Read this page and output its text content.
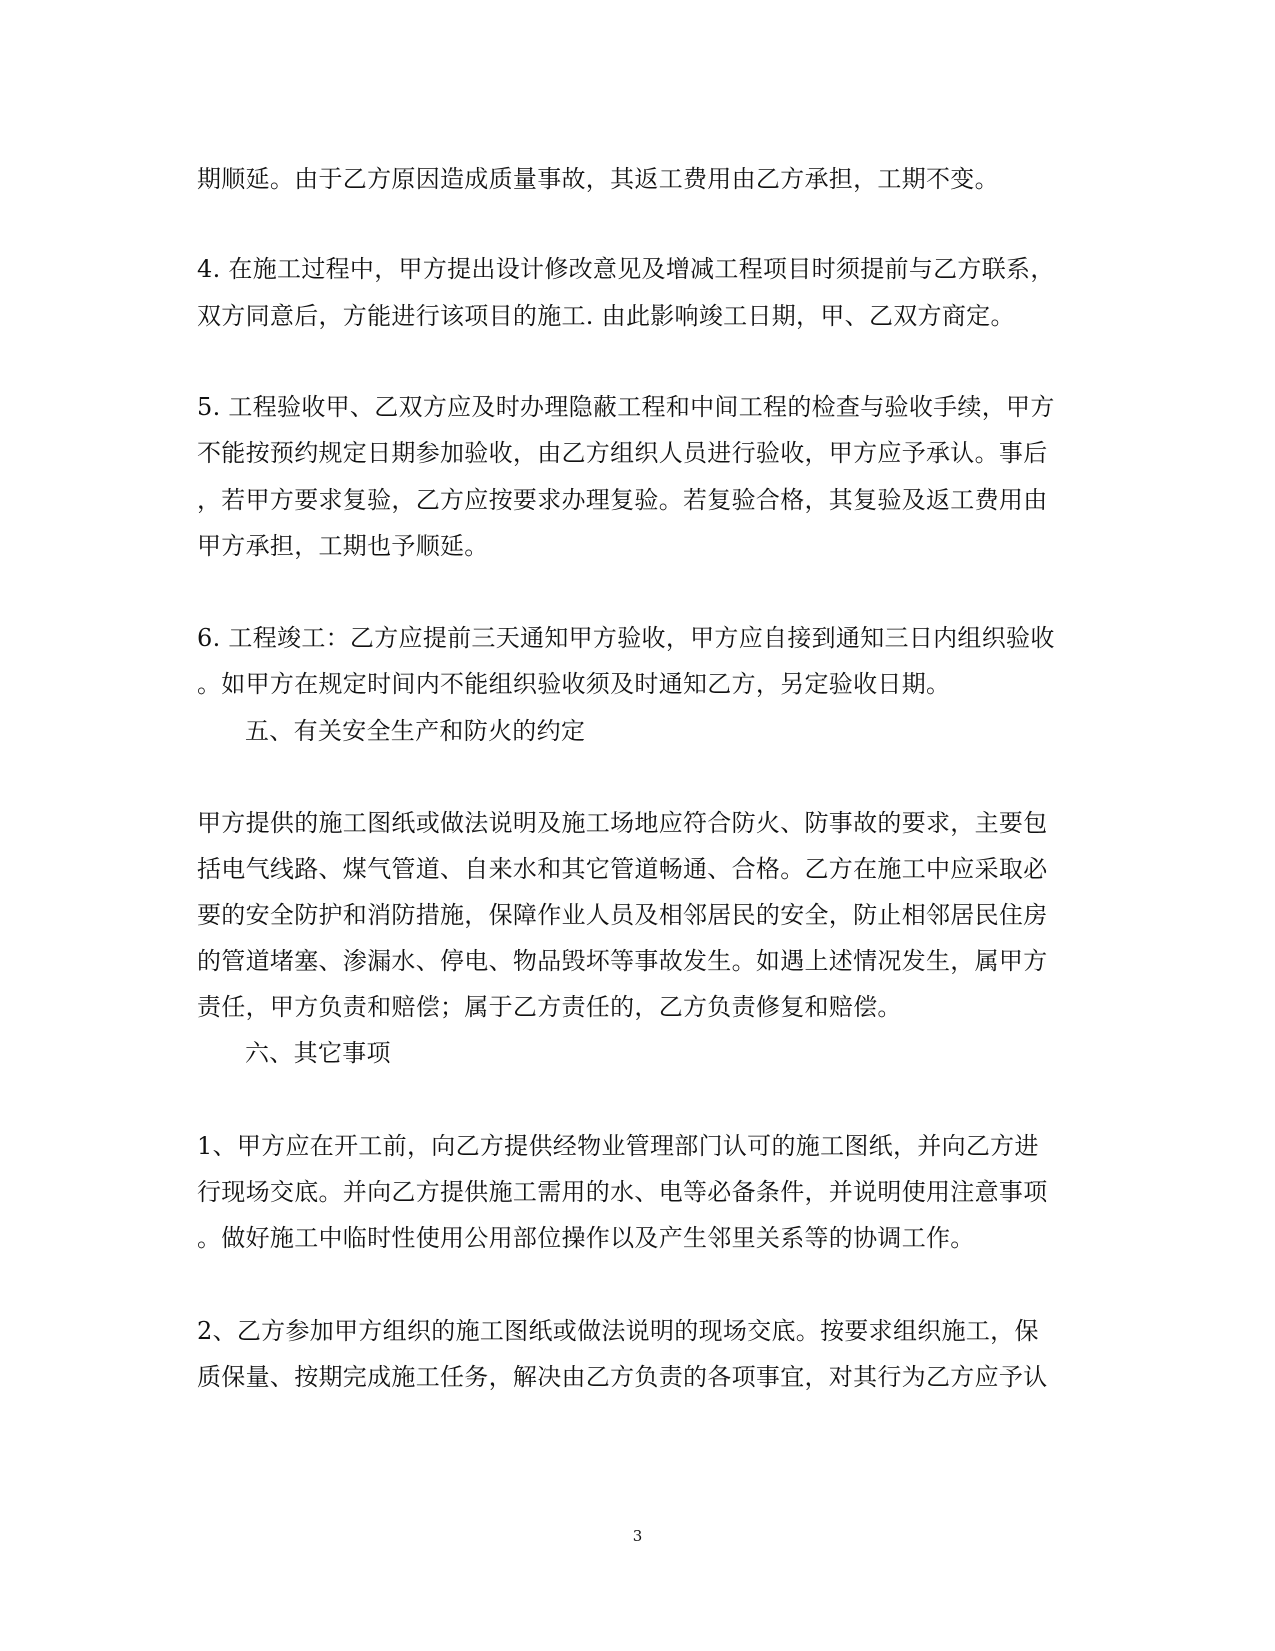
期顺延。由于乙方原因造成质量事故，其返工费用由乙方承担，工期不变。
4. 在施工过程中，甲方提出设计修改意见及增减工程项目时须提前与乙方联系，
双方同意后，方能进行该项目的施工. 由此影响竣工日期，甲、乙双方商定。
5. 工程验收甲、乙双方应及时办理隐蔽工程和中间工程的检查与验收手续，甲方
不能按预约规定日期参加验收，由乙方组织人员进行验收，甲方应予承认。事后
，若甲方要求复验，乙方应按要求办理复验。若复验合格，其复验及返工费用由
甲方承担，工期也予顺延。
6. 工程竣工：乙方应提前三天通知甲方验收，甲方应自接到通知三日内组织验收
。如甲方在规定时间内不能组织验收须及时通知乙方，另定验收日期。
五、有关安全生产和防火的约定
甲方提供的施工图纸或做法说明及施工场地应符合防火、防事故的要求，主要包
括电气线路、煤气管道、自来水和其它管道畅通、合格。乙方在施工中应采取必
要的安全防护和消防措施，保障作业人员及相邻居民的安全，防止相邻居民住房
的管道堵塞、渗漏水、停电、物品毁坏等事故发生。如遇上述情况发生，属甲方
责任，甲方负责和赔偿；属于乙方责任的，乙方负责修复和赔偿。
六、其它事项
1、甲方应在开工前，向乙方提供经物业管理部门认可的施工图纸，并向乙方进
行现场交底。并向乙方提供施工需用的水、电等必备条件，并说明使用注意事项
。做好施工中临时性使用公用部位操作以及产生邻里关系等的协调工作。
2、乙方参加甲方组织的施工图纸或做法说明的现场交底。按要求组织施工，保
质保量、按期完成施工任务，解决由乙方负责的各项事宜，对其行为乙方应予认
3
